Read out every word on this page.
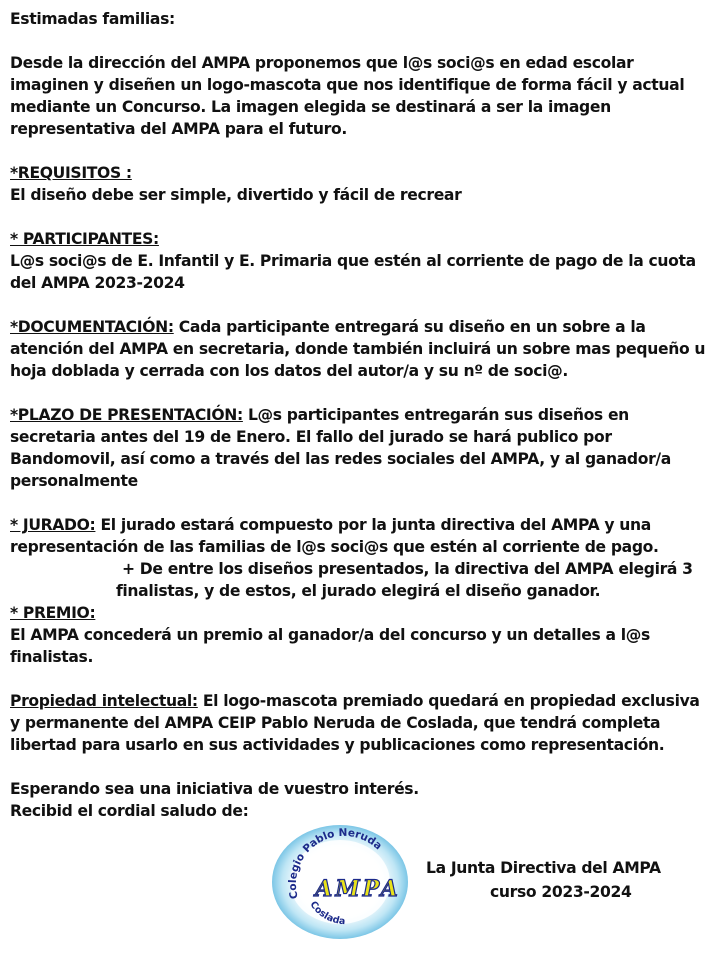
Estimadas familias:

Desde la dirección del AMPA proponemos que l@s soci@s en edad escolar imaginen y diseñen un logo-mascota que nos identifique de forma fácil y actual mediante un Concurso. La imagen elegida se destinará a ser la imagen representativa del AMPA para el futuro.

*REQUISITOS :

El diseño debe ser simple, divertido y fácil de recrear

* PARTICIPANTES:

L@s soci@s de E. Infantil y E. Primaria que estén al corriente de pago de la cuota del AMPA 2023-2024

*DOCUMENTACIÓN: Cada participante entregará su diseño en un sobre a la atención del AMPA en secretaria, donde también incluirá un sobre mas pequeño u hoja doblada y cerrada con los datos del autor/a y su nº de soci@.

*PLAZO DE PRESENTACIÓN: L@s participantes entregarán sus diseños en secretaria antes del 19 de Enero. El fallo del jurado se hará publico por Bandomovil, así como a través del las redes sociales del AMPA, y al ganador/a personalmente

* JURADO: El jurado estará compuesto por la junta directiva del AMPA y una representación de las familias de l@s soci@s que estén al corriente de pago.

+ De entre los diseños presentados, la directiva del AMPA elegirá 3
finalistas, y de estos, el jurado elegirá el diseño ganador.

* PREMIO:

El AMPA concederá un premio al ganador/a del concurso y un detalles a l@s finalistas.

Propiedad intelectual: El logo-mascota premiado quedará en propiedad exclusiva y permanente del AMPA CEIP Pablo Neruda de Coslada, que tendrá completa libertad para usarlo en sus actividades y publicaciones como representación.

Esperando sea una iniciativa de vuestro interés.

Recibid el cordial saludo de:

Colegio Pablo Neruda
AMPA
Coslada
La Junta Directiva del AMPA
curso 2023-2024
